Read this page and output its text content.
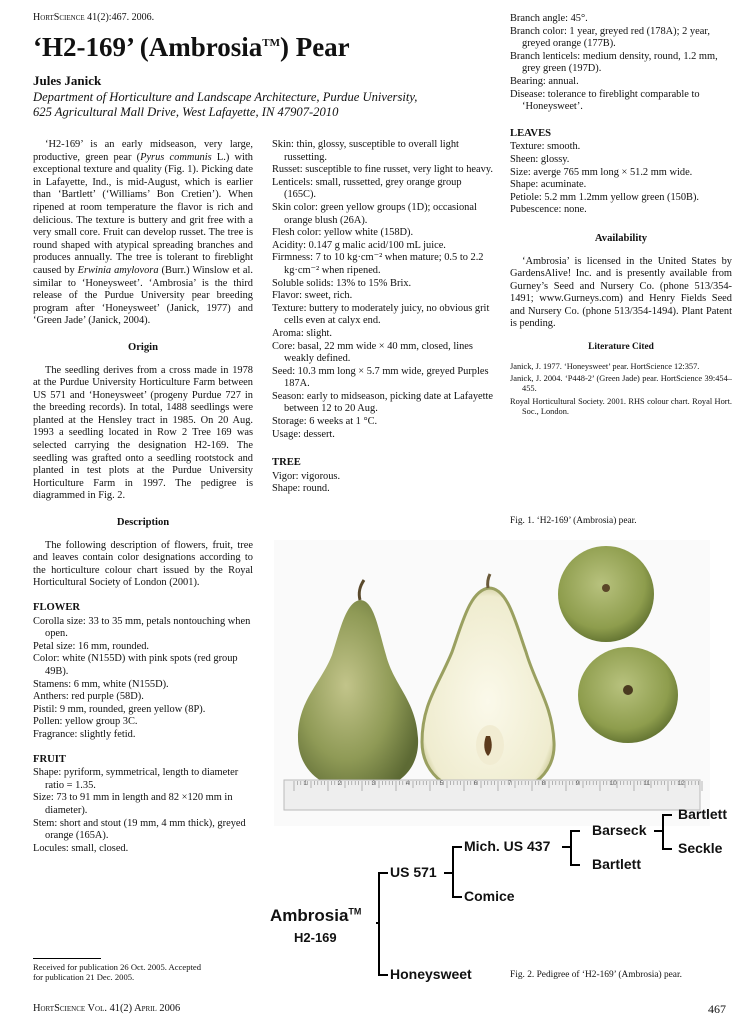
HortScience 41(2):467. 2006.
‘H2-169’ (Ambrosia™) Pear
Jules Janick
Department of Horticulture and Landscape Architecture, Purdue University,
625 Agricultural Mall Drive, West Lafayette, IN 47907-2010

‘H2-169’ is an early midseason, very large, productive, green pear (Pyrus communis L.) with exceptional texture and quality (Fig. 1). Picking date in Lafayette, Ind., is mid-August, which is earlier than ‘Bartlett’ (‘Williams’ Bon Cretien’). When ripened at room temperature the flavor is rich and delicious. The texture is buttery and grit free with a very small core. Fruit can develop russet. The tree is round shaped with atypical spreading branches and produces annually. The tree is tolerant to fireblight caused by Erwinia amylovora (Burr.) Winslow et al. similar to ‘Honeysweet’. ‘Ambrosia’ is the third release of the Purdue University pear breeding program after ‘Honeysweet’ (Janick, 1977) and ‘Green Jade’ (Janick, 2004).

Origin

The seedling derives from a cross made in 1978 at the Purdue University Horticulture Farm between US 571 and ‘Honeysweet’ (progeny Purdue 727 in the breeding records). In total, 1488 seedlings were planted at the Hensley tract in 1985. On 20 Aug. 1993 a seedling located in Row 2 Tree 169 was selected carrying the designation H2-169. The seedling was grafted onto a seedling rootstock and planted in test plots at the Purdue University Horticulture Farm in 1997. The pedigree is diagrammed in Fig. 2.

Description

The following description of flowers, fruit, tree and leaves contain color designations according to the horticulture colour chart issued by the Royal Horticultural Society of London (2001).

FLOWER
Corolla size: 33 to 35 mm, petals nontouching when open.
Petal size: 16 mm, rounded.
Color: white (N155D) with pink spots (red group 49B).
Stamens: 6 mm, white (N155D).
Anthers: red purple (58D).
Pistil: 9 mm, rounded, green yellow (8P).
Pollen: yellow group 3C.
Fragrance: slightly fetid.
FRUIT
Shape: pyriform, symmetrical, length to diameter ratio = 1.35.
Size: 73 to 91 mm in length and 82 ×120 mm in diameter).
Stem: short and stout (19 mm, 4 mm thick), greyed orange (165A).
Locules: small, closed.
Received for publication 26 Oct. 2005. Accepted
for publication 21 Dec. 2005.
Skin: thin, glossy, susceptible to overall light russetting.
Russet: susceptible to fine russet, very light to heavy.
Lenticels: small, russetted, grey orange group (165C).
Skin color: green yellow groups (1D); occasional orange blush (26A).
Flesh color: yellow white (158D).
Acidity: 0.147 g malic acid/100 mL juice.
Firmness: 7 to 10 kg·cm⁻² when mature; 0.5 to 2.2 kg·cm⁻² when ripened.
Soluble solids: 13% to 15% Brix.
Flavor: sweet, rich.
Texture: buttery to moderately juicy, no obvious grit cells even at calyx end.
Aroma: slight.
Core: basal, 22 mm wide × 40 mm, closed, lines weakly defined.
Seed: 10.3 mm long × 5.7 mm wide, greyed Purples 187A.
Season: early to midseason, picking date at Lafayette between 12 to 20 Aug.
Storage: 6 weeks at 1 °C.
Usage: dessert.
TREE
Vigor: vigorous.
Shape: round.
Branch angle: 45°.
Branch color: 1 year, greyed red (178A); 2 year, greyed orange (177B).
Branch lenticels: medium density, round, 1.2 mm, grey green (197D).
Bearing: annual.
Disease: tolerance to fireblight comparable to ‘Honeysweet’.
LEAVES
Texture: smooth.
Sheen: glossy.
Size: averge 765 mm long × 51.2 mm wide.
Shape: acuminate.
Petiole: 5.2 mm 1.2mm yellow green (150B).
Pubescence: none.
Availability

‘Ambrosia’ is licensed in the United States by GardensAlive! Inc. and is presently available from Gurney’s Seed and Nursery Co. (phone 513/354-1491; www.Gurneys.com) and Henry Fields Seed and Nursery Co. (phone 513/354-1494). Plant Patent is pending.

Literature Cited
Janick, J. 1977. ‘Honeysweet’ pear. HortScience 12:357.
Janick, J. 2004. ‘P448-2’ (Green Jade) pear. HortScience 39:454–455.
Royal Horticultural Society. 2001. RHS colour chart. Royal Hort. Soc., London.
Fig. 1. ‘H2-169’ (Ambrosia) pear.
1	2	3	4	5	6	7	8	9	10	11	12
Ambrosia™
H2-169
US 571
Honeysweet
Mich. US 437
Comice
Barseck
Bartlett
Bartlett
Seckle
Fig. 2. Pedigree of ‘H2-169’ (Ambrosia) pear.
HortScience Vol. 41(2) April 2006	467
